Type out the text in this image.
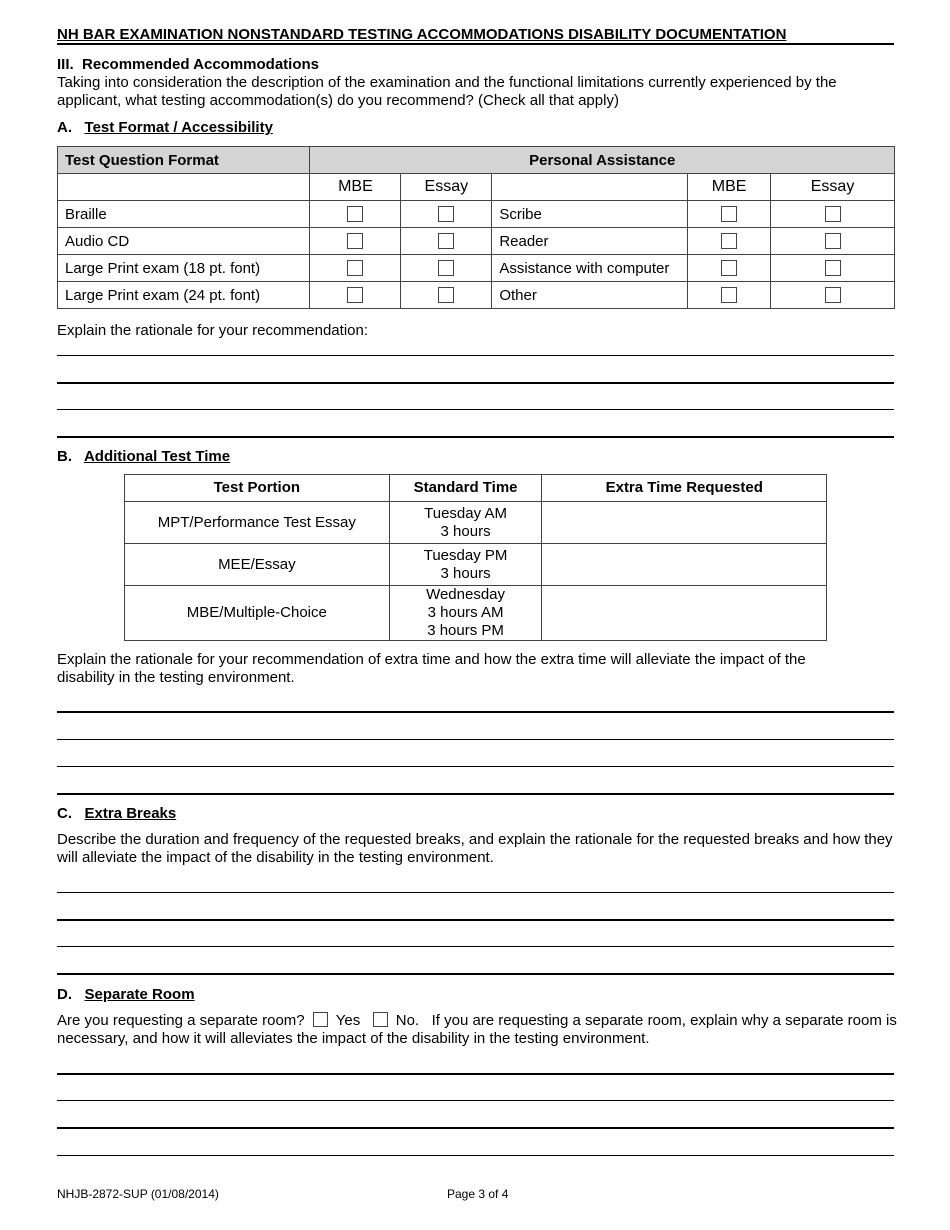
NH BAR EXAMINATION NONSTANDARD TESTING ACCOMMODATIONS DISABILITY DOCUMENTATION
III. Recommended Accommodations
Taking into consideration the description of the examination and the functional limitations currently experienced by the applicant, what testing accommodation(s) do you recommend? (Check all that apply)
A. Test Format / Accessibility
Test Question Format	Personal Assistance				
	MBE	Essay		MBE	Essay
Braille			Scribe		
Audio CD			Reader		
Large Print exam (18 pt. font)			Assistance with computer		
Large Print exam (24 pt. font)			Other		
Explain the rationale for your recommendation:
B. Additional Test Time
Test Portion	Standard Time	Extra Time Requested
MPT/Performance Test Essay	Tuesday AM
3 hours	

MEE/Essay	Tuesday PM
3 hours	

MBE/Multiple-Choice	Wednesday
3 hours AM
3 hours PM	

Explain the rationale for your recommendation of extra time and how the extra time will alleviate the impact of the disability in the testing environment.
C. Extra Breaks
Describe the duration and frequency of the requested breaks, and explain the rationale for the requested breaks and how they will alleviate the impact of the disability in the testing environment.
D. Separate Room
Are you requesting a separate room? Yes No. If you are requesting a separate room, explain why a separate room is necessary, and how it will alleviates the impact of the disability in the testing environment.
NHJB-2872-SUP (01/08/2014)	Page 3 of 4
